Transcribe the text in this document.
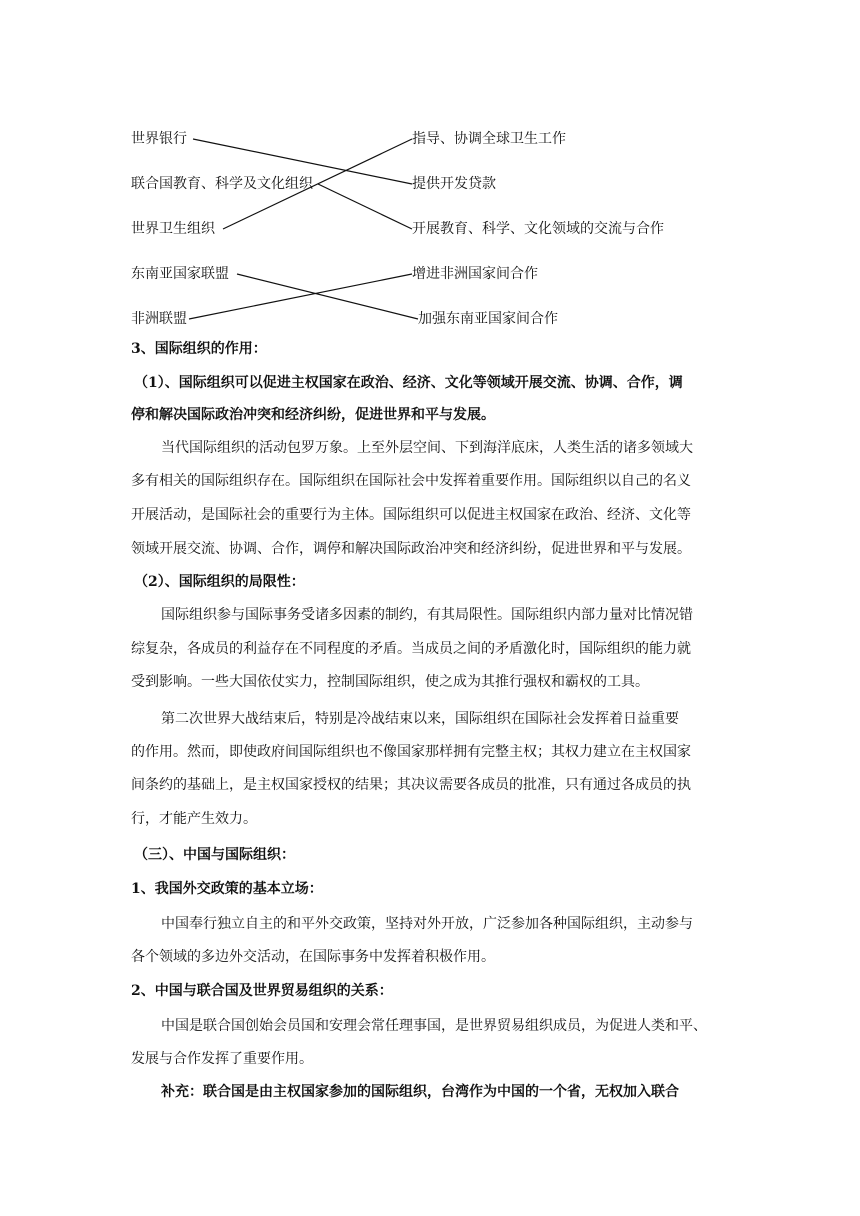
世界银行
联合国教育、科学及文化组织
世界卫生组织
东南亚国家联盟
非洲联盟
指导、协调全球卫生工作
提供开发贷款
开展教育、科学、文化领域的交流与合作
增进非洲国家间合作
加强东南亚国家间合作
3、国际组织的作用：
（1）、国际组织可以促进主权国家在政治、经济、文化等领域开展交流、协调、合作，调
停和解决国际政治冲突和经济纠纷，促进世界和平与发展。
当代国际组织的活动包罗万象。上至外层空间、下到海洋底床，人类生活的诸多领域大
多有相关的国际组织存在。国际组织在国际社会中发挥着重要作用。国际组织以自己的名义
开展活动，是国际社会的重要行为主体。国际组织可以促进主权国家在政治、经济、文化等
领域开展交流、协调、合作，调停和解决国际政治冲突和经济纠纷，促进世界和平与发展。
（2）、国际组织的局限性：
国际组织参与国际事务受诸多因素的制约，有其局限性。国际组织内部力量对比情况错
综复杂，各成员的利益存在不同程度的矛盾。当成员之间的矛盾激化时，国际组织的能力就
受到影响。一些大国依仗实力，控制国际组织，使之成为其推行强权和霸权的工具。
第二次世界大战结束后，特别是冷战结束以来，国际组织在国际社会发挥着日益重要
的作用。然而，即使政府间国际组织也不像国家那样拥有完整主权；其权力建立在主权国家
间条约的基础上，是主权国家授权的结果；其决议需要各成员的批准，只有通过各成员的执
行，才能产生效力。
（三）、中国与国际组织：
1、我国外交政策的基本立场：
中国奉行独立自主的和平外交政策，坚持对外开放，广泛参加各种国际组织，主动参与
各个领域的多边外交活动，在国际事务中发挥着积极作用。
2、中国与联合国及世界贸易组织的关系：
中国是联合国创始会员国和安理会常任理事国，是世界贸易组织成员，为促进人类和平、
发展与合作发挥了重要作用。
补充：联合国是由主权国家参加的国际组织，台湾作为中国的一个省，无权加入联合
